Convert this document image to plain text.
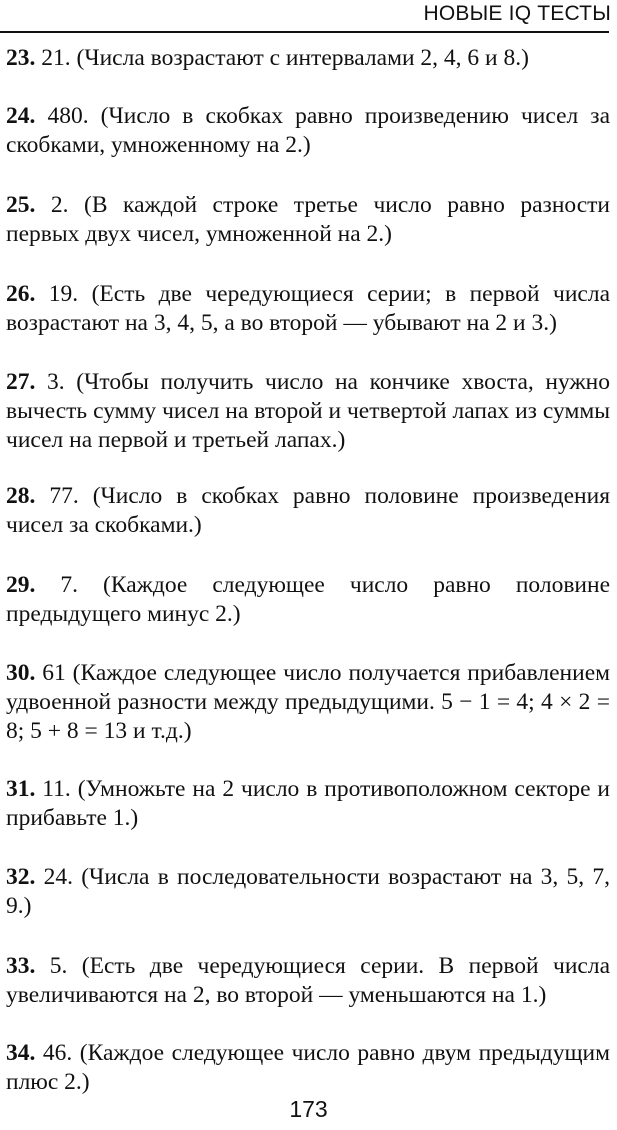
НОВЫЕ IQ ТЕСТЫ
23. 21. (Числа возрастают с интервалами 2, 4, 6 и 8.)
24. 480. (Число в скобках равно произведению чисел за скобками, умноженному на 2.)
25. 2. (В каждой строке третье число равно разности первых двух чисел, умноженной на 2.)
26. 19. (Есть две чередующиеся серии; в первой числа возрастают на 3, 4, 5, а во второй — убывают на 2 и 3.)
27. 3. (Чтобы получить число на кончике хвоста, нужно вычесть сумму чисел на второй и четвертой лапах из суммы чисел на первой и третьей лапах.)
28. 77. (Число в скобках равно половине произведения чисел за скобками.)
29. 7. (Каждое следующее число равно половине предыдущего минус 2.)
30. 61 (Каждое следующее число получается прибавлением удвоенной разности между предыдущими. 5 − 1 = 4; 4 × 2 = 8; 5 + 8 = 13 и т.д.)
31. 11. (Умножьте на 2 число в противоположном секторе и прибавьте 1.)
32. 24. (Числа в последовательности возрастают на 3, 5, 7, 9.)
33. 5. (Есть две чередующиеся серии. В первой числа увеличиваются на 2, во второй — уменьшаются на 1.)
34. 46. (Каждое следующее число равно двум предыдущим плюс 2.)
173
